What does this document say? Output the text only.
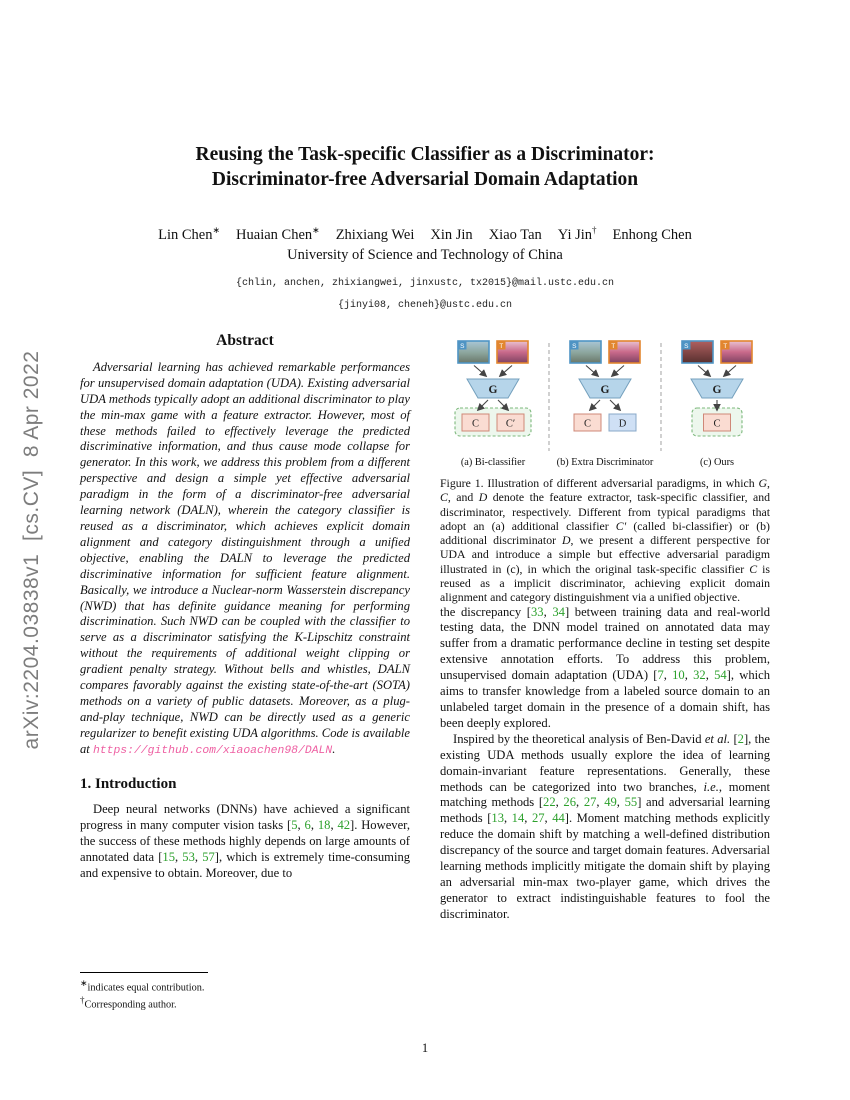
arXiv:2204.03838v1  [cs.CV]  8 Apr 2022
Reusing the Task-specific Classifier as a Discriminator:
Discriminator-free Adversarial Domain Adaptation
Lin Chen∗ Huaian Chen∗ Zhixiang Wei Xin Jin Xiao Tan Yi Jin† Enhong Chen
University of Science and Technology of China
{chlin, anchen, zhixiangwei, jinxustc, tx2015}@mail.ustc.edu.cn
{jinyi08, cheneh}@ustc.edu.cn
Abstract

Adversarial learning has achieved remarkable performances for unsupervised domain adaptation (UDA). Existing adversarial UDA methods typically adopt an additional discriminator to play the min-max game with a feature extractor. However, most of these methods failed to effectively leverage the predicted discriminative information, and thus cause mode collapse for generator. In this work, we address this problem from a different perspective and design a simple yet effective adversarial paradigm in the form of a discriminator-free adversarial learning network (DALN), wherein the category classifier is reused as a discriminator, which achieves explicit domain alignment and category distinguishment through a unified objective, enabling the DALN to leverage the predicted discriminative information for sufficient feature alignment. Basically, we introduce a Nuclear-norm Wasserstein discrepancy (NWD) that has definite guidance meaning for performing discrimination. Such NWD can be coupled with the classifier to serve as a discriminator satisfying the K-Lipschitz constraint without the requirements of additional weight clipping or gradient penalty strategy. Without bells and whistles, DALN compares favorably against the existing state-of-the-art (SOTA) methods on a variety of public datasets. Moreover, as a plug-and-play technique, NWD can be directly used as a generic regularizer to benefit existing UDA algorithms. Code is available at https://github.com/xiaoachen98/DALN.

1. Introduction

Deep neural networks (DNNs) have achieved a significant progress in many computer vision tasks [5, 6, 18, 42]. However, the success of these methods highly depends on large amounts of annotated data [15, 53, 57], which is extremely time-consuming and expensive to obtain. Moreover, due to

S	T
G
C	C′
(a) Bi-classifier
S	T
G
C	D
(b) Extra Discriminator
S	T
G
C
(c) Ours

Figure 1. Illustration of different adversarial paradigms, in which G, C, and D denote the feature extractor, task-specific classifier, and discriminator, respectively. Different from typical paradigms that adopt an (a) additional classifier C′ (called bi-classifier) or (b) additional discriminator D, we present a different perspective for UDA and introduce a simple but effective adversarial paradigm illustrated in (c), in which the original task-specific classifier C is reused as a implicit discriminator, achieving explicit domain alignment and category distinguishment via a unified objective.

the discrepancy [33, 34] between training data and real-world testing data, the DNN model trained on annotated data may suffer from a dramatic performance decline in testing set despite extensive annotation efforts. To address this problem, unsupervised domain adaptation (UDA) [7, 10, 32, 54], which aims to transfer knowledge from a labeled source domain to an unlabeled target domain in the presence of a domain shift, has been deeply explored.

Inspired by the theoretical analysis of Ben-David et al. [2], the existing UDA methods usually explore the idea of learning domain-invariant feature representations. Generally, these methods can be categorized into two branches, i.e., moment matching methods [22, 26, 27, 49, 55] and adversarial learning methods [13, 14, 27, 44]. Moment matching methods explicitly reduce the domain shift by matching a well-defined distribution discrepancy of the source and target domain features. Adversarial learning methods implicitly mitigate the domain shift by playing an adversarial min-max two-player game, which drives the generator to extract indistinguishable features to fool the discriminator.

∗indicates equal contribution.
†Corresponding author.
1
